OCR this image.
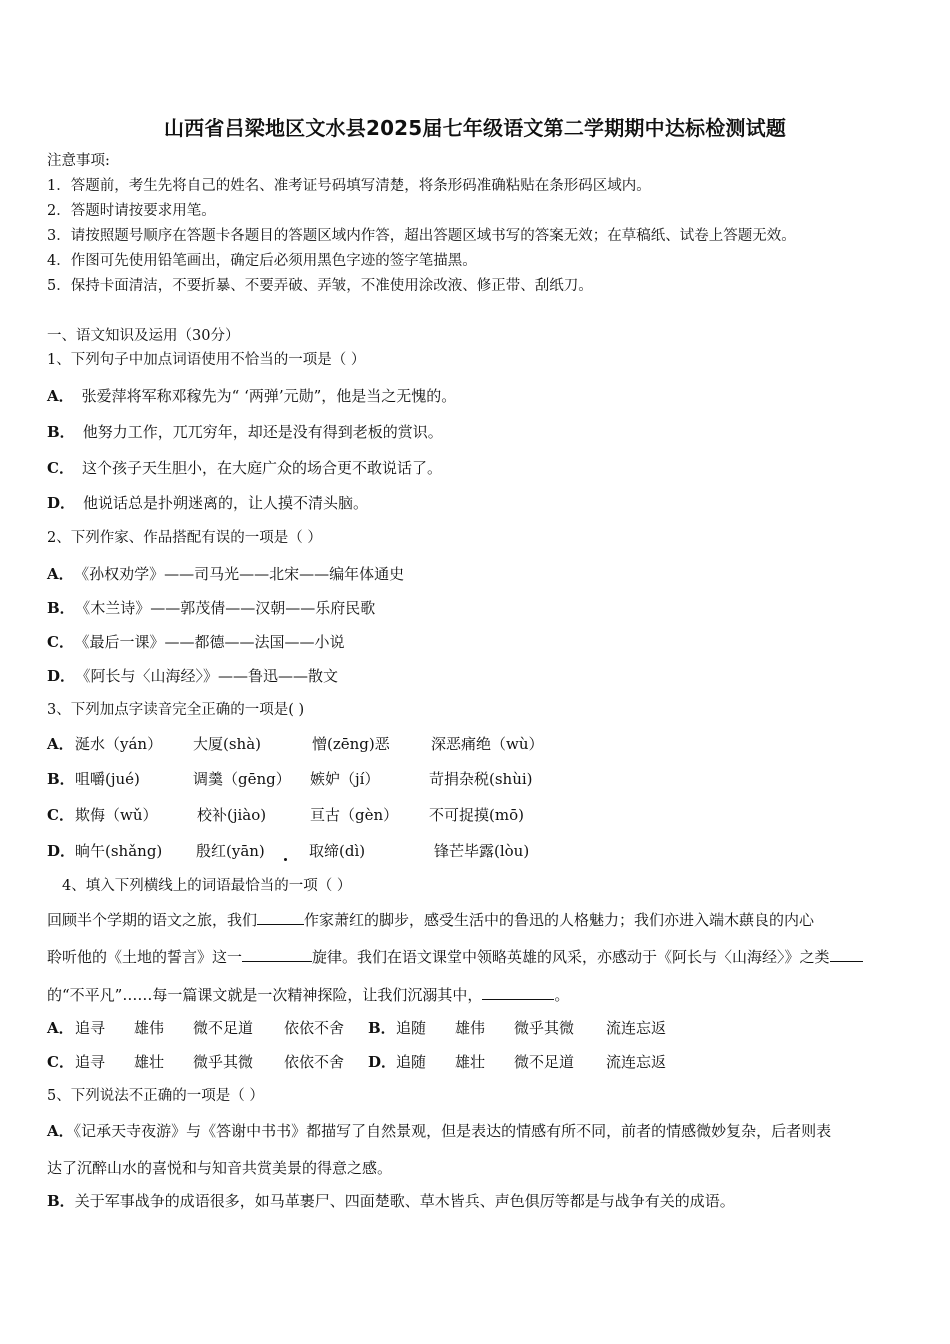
山西省吕梁地区文水县2025届七年级语文第二学期期中达标检测试题
注意事项:
1．答题前，考生先将自己的姓名、准考证号码填写清楚，将条形码准确粘贴在条形码区域内。
2．答题时请按要求用笔。
3．请按照题号顺序在答题卡各题目的答题区域内作答，超出答题区域书写的答案无效；在草稿纸、试卷上答题无效。
4．作图可先使用铅笔画出，确定后必须用黑色字迹的签字笔描黑。
5．保持卡面清洁，不要折暴、不要弄破、弄皱，不准使用涂改液、修正带、刮纸刀。
一、语文知识及运用（30分）
1、下列句子中加点词语使用不恰当的一项是（ ）
A． 张爱萍将军称邓稼先为“ ‘两弹’元勋”，他是当之无愧的。
B． 他努力工作，兀兀穷年，却还是没有得到老板的赏识。
C． 这个孩子天生胆小，在大庭广众的场合更不敢说话了。
D． 他说话总是扑朔迷离的，让人摸不清头脑。
2、下列作家、作品搭配有误的一项是（ ）
A． 《孙权劝学》——司马光——北宋——编年体通史
B． 《木兰诗》——郭茂倩——汉朝——乐府民歌
C． 《最后一课》——都德——法国——小说
D． 《阿长与〈山海经〉》——鲁迅——散文
3、下列加点字读音完全正确的一项是( )
A． 涎水（yán） 大厦(shà)	憎(zēng)恶	深恶痛绝（wù）
B． 咀嚼(jué)	调羹（gēng） 嫉妒（jí）	苛捐杂税(shùi)
C． 欺侮（wǔ）	校补(jiào)	亘古（gèn） 不可捉摸(mō)
D． 晌午(shǎng) 殷红(yān)	取缔(dì)	锋芒毕露(lòu)
4、填入下列横线上的词语最恰当的一项（ ）
回顾半个学期的语文之旅，我们	作家萧红的脚步，感受生活中的鲁迅的人格魅力；我们亦进入端木蕻良的内心
聆听他的《土地的誓言》这一	旋律。我们在语文课堂中领略英雄的风采，亦感动于《阿长与〈山海经〉》之类
的“不平凡”……每一篇课文就是一次精神探险，让我们沉溺其中，	。
A． 追寻 雄伟 微不足道 依依不舍 B． 追随 雄伟 微乎其微 流连忘返
C． 追寻 雄壮 微乎其微 依依不舍 D． 追随 雄壮 微不足道 流连忘返
5、下列说法不正确的一项是（ ）
A．《记承天寺夜游》与《答谢中书书》都描写了自然景观，但是表达的情感有所不同，前者的情感微妙复杂，后者则表
达了沉醉山水的喜悦和与知音共赏美景的得意之感。
B．关于军事战争的成语很多，如马革裹尸、四面楚歌、草木皆兵、声色俱厉等都是与战争有关的成语。
